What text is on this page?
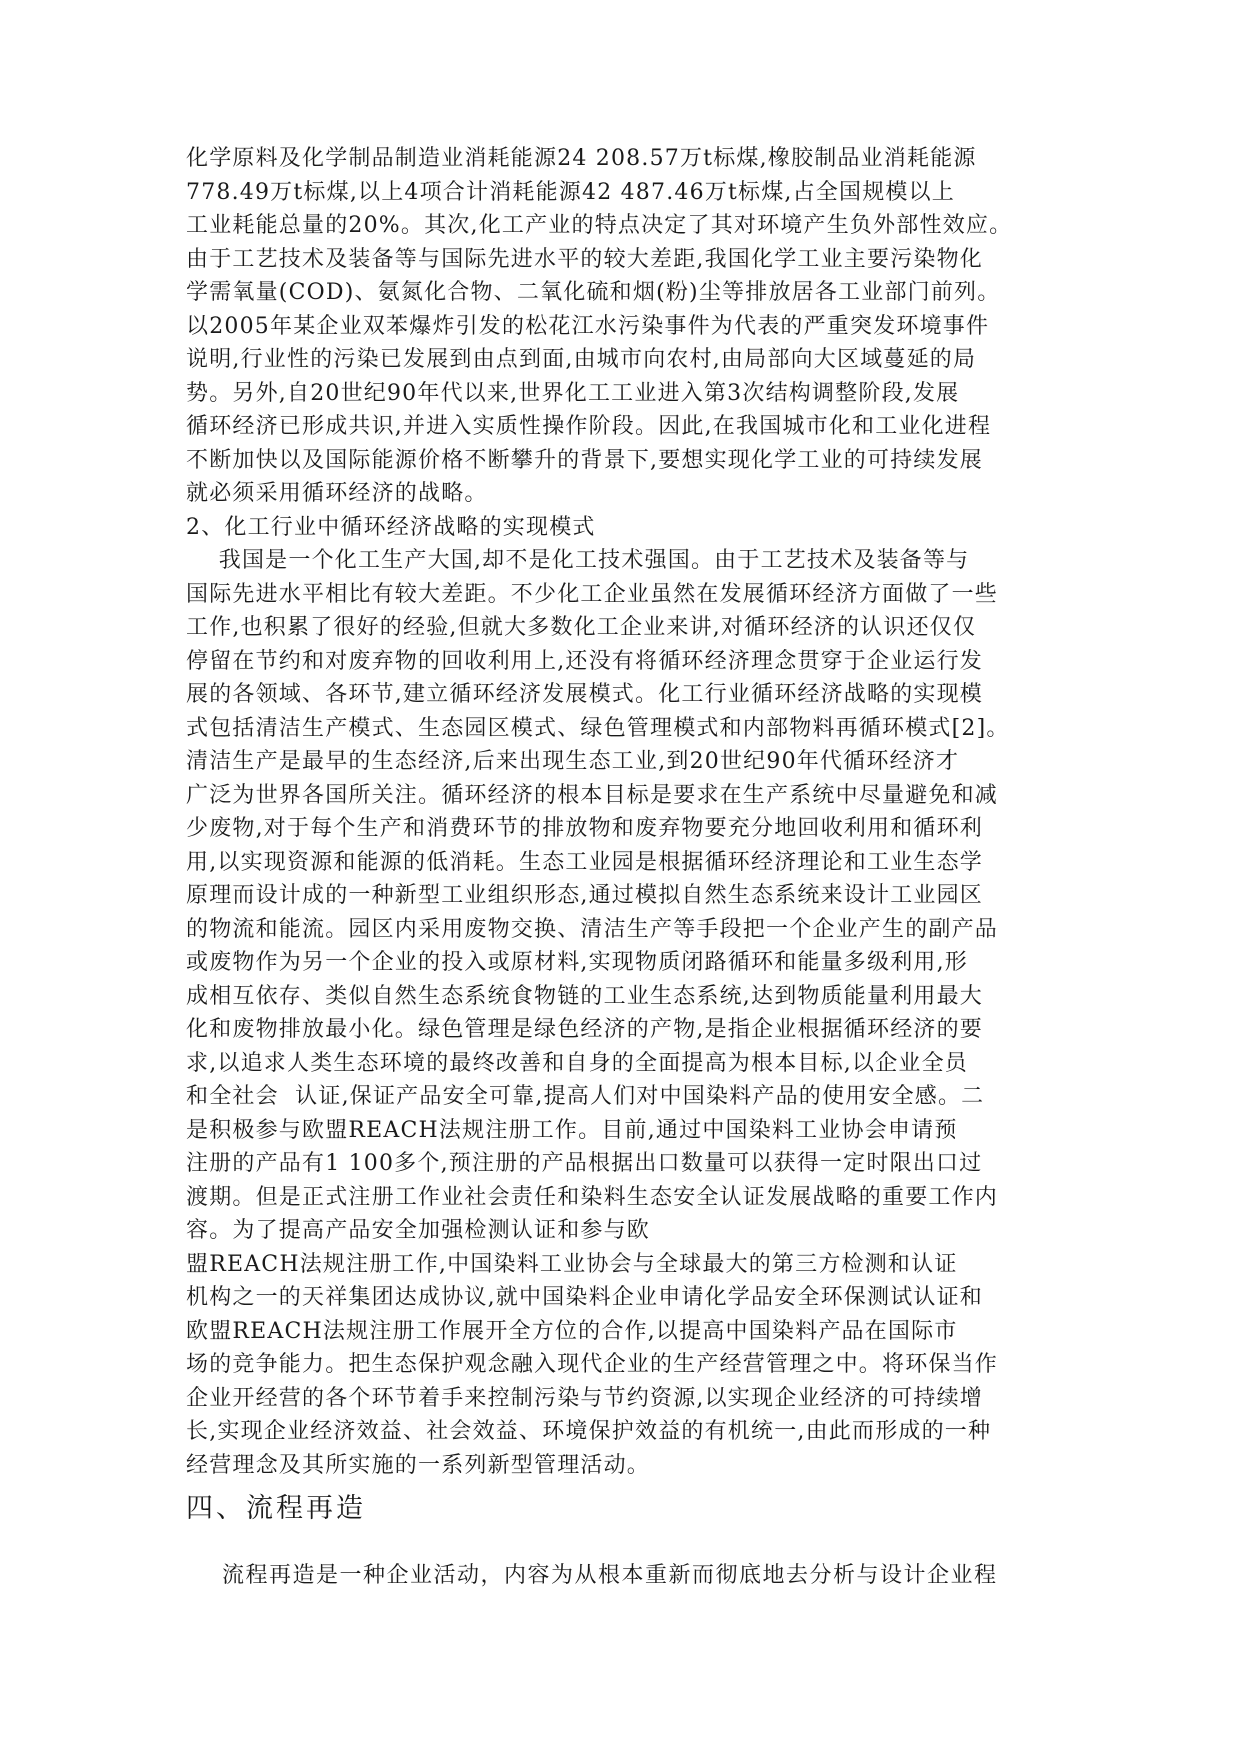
化学原料及化学制品制造业消耗能源24 208.57万t标煤,橡胶制品业消耗能源
778.49万t标煤,以上4项合计消耗能源42 487.46万t标煤,占全国规模以上
工业耗能总量的20%。其次,化工产业的特点决定了其对环境产生负外部性效应。
由于工艺技术及装备等与国际先进水平的较大差距,我国化学工业主要污染物化
学需氧量(COD)、氨氮化合物、二氧化硫和烟(粉)尘等排放居各工业部门前列。
以2005年某企业双苯爆炸引发的松花江水污染事件为代表的严重突发环境事件
说明,行业性的污染已发展到由点到面,由城市向农村,由局部向大区域蔓延的局
势。另外,自20世纪90年代以来,世界化工工业进入第3次结构调整阶段,发展
循环经济已形成共识,并进入实质性操作阶段。因此,在我国城市化和工业化进程
不断加快以及国际能源价格不断攀升的背景下,要想实现化学工业的可持续发展
就必须采用循环经济的战略。
2、化工行业中循环经济战略的实现模式
我国是一个化工生产大国,却不是化工技术强国。由于工艺技术及装备等与
国际先进水平相比有较大差距。不少化工企业虽然在发展循环经济方面做了一些
工作,也积累了很好的经验,但就大多数化工企业来讲,对循环经济的认识还仅仅
停留在节约和对废弃物的回收利用上,还没有将循环经济理念贯穿于企业运行发
展的各领域、各环节,建立循环经济发展模式。化工行业循环经济战略的实现模
式包括清洁生产模式、生态园区模式、绿色管理模式和内部物料再循环模式[2]。
清洁生产是最早的生态经济,后来出现生态工业,到20世纪90年代循环经济才
广泛为世界各国所关注。循环经济的根本目标是要求在生产系统中尽量避免和减
少废物,对于每个生产和消费环节的排放物和废弃物要充分地回收利用和循环利
用,以实现资源和能源的低消耗。生态工业园是根据循环经济理论和工业生态学
原理而设计成的一种新型工业组织形态,通过模拟自然生态系统来设计工业园区
的物流和能流。园区内采用废物交换、清洁生产等手段把一个企业产生的副产品
或废物作为另一个企业的投入或原材料,实现物质闭路循环和能量多级利用,形
成相互依存、类似自然生态系统食物链的工业生态系统,达到物质能量利用最大
化和废物排放最小化。绿色管理是绿色经济的产物,是指企业根据循环经济的要
求,以追求人类生态环境的最终改善和自身的全面提高为根本目标,以企业全员
和全社会  认证,保证产品安全可靠,提高人们对中国染料产品的使用安全感。二
是积极参与欧盟REACH法规注册工作。目前,通过中国染料工业协会申请预
注册的产品有1 100多个,预注册的产品根据出口数量可以获得一定时限出口过
渡期。但是正式注册工作业社会责任和染料生态安全认证发展战略的重要工作内
容。为了提高产品安全加强检测认证和参与欧
盟REACH法规注册工作,中国染料工业协会与全球最大的第三方检测和认证
机构之一的天祥集团达成协议,就中国染料企业申请化学品安全环保测试认证和
欧盟REACH法规注册工作展开全方位的合作,以提高中国染料产品在国际市
场的竞争能力。把生态保护观念融入现代企业的生产经营管理之中。将环保当作
企业开经营的各个环节着手来控制污染与节约资源,以实现企业经济的可持续增
长,实现企业经济效益、社会效益、环境保护效益的有机统一,由此而形成的一种
经营理念及其所实施的一系列新型管理活动。
四、流程再造
流程再造是一种企业活动，内容为从根本重新而彻底地去分析与设计企业程
